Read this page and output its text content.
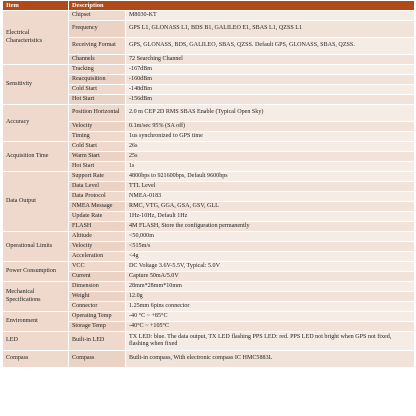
Item	Description	
Electrical Characteristics	Chipset	M8030-KT
	Frequency	GPS L1, GLONASS L1, BDS B1, GALILEO E1, SBAS L1, QZSS L1
	Receiving Format	GPS, GLONASS, BDS, GALILEO, SBAS, QZSS. Default GPS, GLONASS, SBAS, QZSS.
	Channels	72 Searching Channel
Sensitivity	Tracking	-167dBm
	Reacquisition	-160dBm
	Cold Start	-148dBm
	Hot Start	-156dBm
Accuracy	Position Horizontal	2.0 m CEP 2D RMS SBAS Enable (Typical Open Sky)
	Velocity	0.1m/sec 95% (SA off)
	Timing	1us synchronized to GPS time
Acquisition Time	Cold Start	26s
	Warm Start	25s
	Hot Start	1s
Data Output	Support Rate	4800bps to 921600bps, Default 9600bps
	Data Level	TTL Level
	Data Protocol	NMEA-0183
	NMEA Message	RMC, VTG, GGA, GSA, GSV, GLL
	Update Rate	1Hz-10Hz, Default 1Hz
	FLASH	4M FLASH, Store the configuration permanently
Operational Limits	Altitude	<50,000m
	Velocity	<515m/s
	Acceleration	<4g
Power Consumption	VCC	DC Voltage 3.6V-5.5V, Typical: 5.0V
	Current	Capture 50mA/5.0V
Mechanical Specifications	Dimension	28mm*28mm*10mm
	Weight	12.0g
	Connector	1.25mm 6pins connector
Environment	Operating Temp	-40 °C ~ +85°C
	Storage Temp	-40°C ~ +105°C
LED	Built-in LED	TX LED: blue. The data output, TX LED flashing PPS LED: red. PPS LED not bright when GPS not fixed, flashing when fixed
Compass	Compass	Built-in compass, With electronic compass IC HMC5883L
